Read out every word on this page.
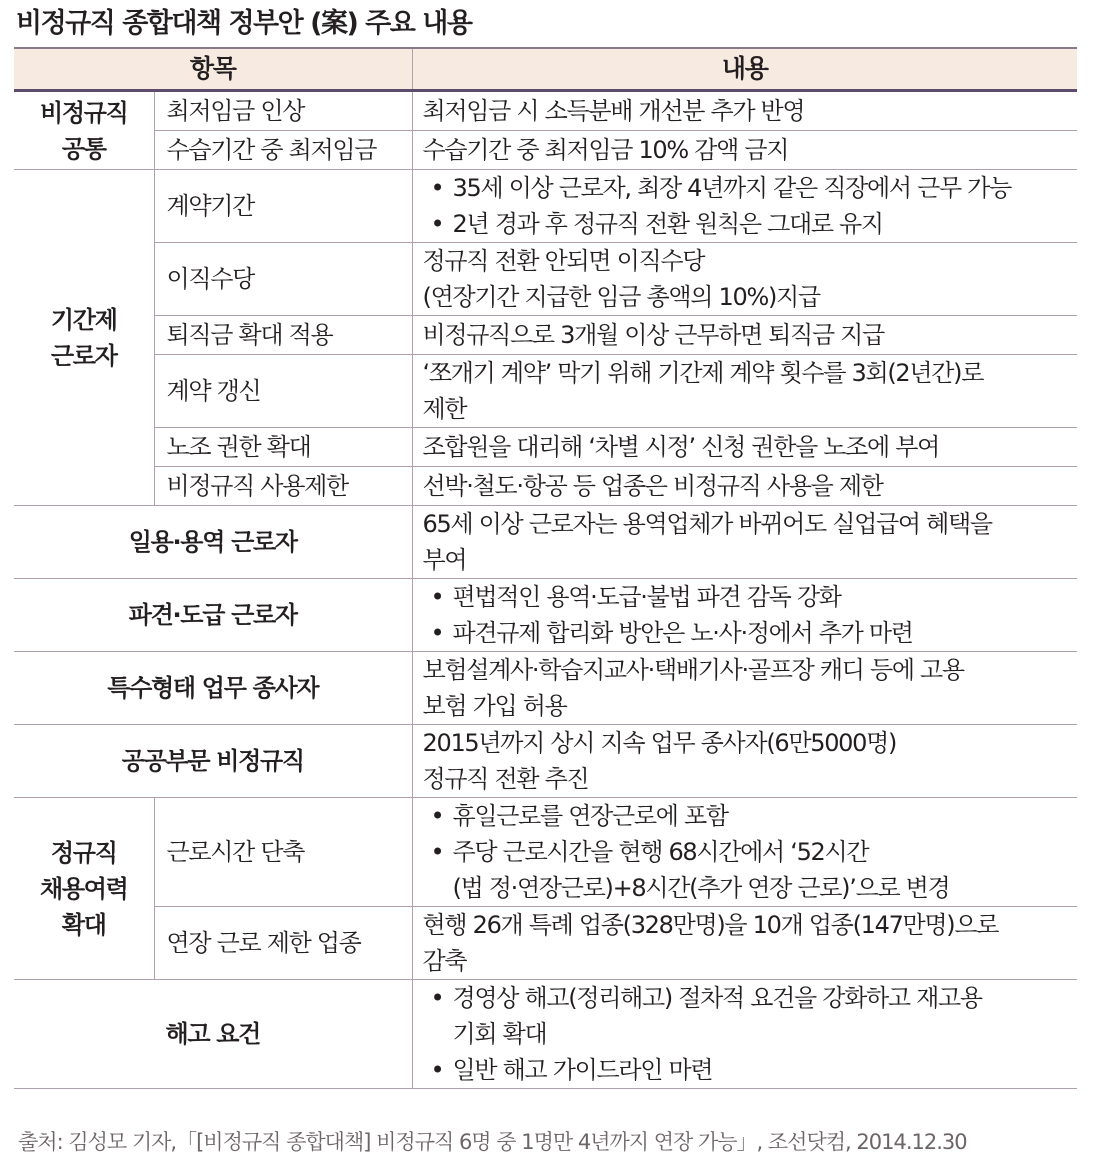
비정규직 종합대책 정부안 (案) 주요 내용
항목		내용

비정규직
공통	최저임금 인상	최저임금 시 소득분배 개선분 추가 반영

	수습기간 중 최저임금	수습기간 중 최저임금 10% 감액 금지

기간제
근로자	계약기간	• 35세 이상 근로자, 최장 4년까지 같은 직장에서 근무 가능
• 2년 경과 후 정규직 전환 원칙은 그대로 유지

	이직수당	정규직 전환 안되면 이직수당
(연장기간 지급한 임금 총액의 10%)지급

	퇴직금 확대 적용	비정규직으로 3개월 이상 근무하면 퇴직금 지급

	계약 갱신	‘쪼개기 계약’ 막기 위해 기간제 계약 횟수를 3회(2년간)로
제한

	노조 권한 확대	조합원을 대리해 ‘차별 시정’ 신청 권한을 노조에 부여

	비정규직 사용제한	선박·철도·항공 등 업종은 비정규직 사용을 제한

일용·용역 근로자		65세 이상 근로자는 용역업체가 바뀌어도 실업급여 혜택을
부여

파견·도급 근로자		• 편법적인 용역·도급·불법 파견 감독 강화
• 파견규제 합리화 방안은 노·사·정에서 추가 마련

특수형태 업무 종사자		보험설계사·학습지교사·택배기사·골프장 캐디 등에 고용
보험 가입 허용

공공부문 비정규직		2015년까지 상시 지속 업무 종사자(6만5000명)
정규직 전환 추진

정규직
채용여력
확대	근로시간 단축	• 휴일근로를 연장근로에 포함
• 주당 근로시간을 현행 68시간에서 ‘52시간
(법 정·연장근로)+8시간(추가 연장 근로)’으로 변경

	연장 근로 제한 업종	현행 26개 특례 업종(328만명)을 10개 업종(147만명)으로
감축

해고 요건		• 경영상 해고(정리해고) 절차적 요건을 강화하고 재고용
기회 확대
• 일반 해고 가이드라인 마련
출처: 김성모 기자,「[비정규직 종합대책] 비정규직 6명 중 1명만 4년까지 연장 가능」, 조선닷컴, 2014.12.30
